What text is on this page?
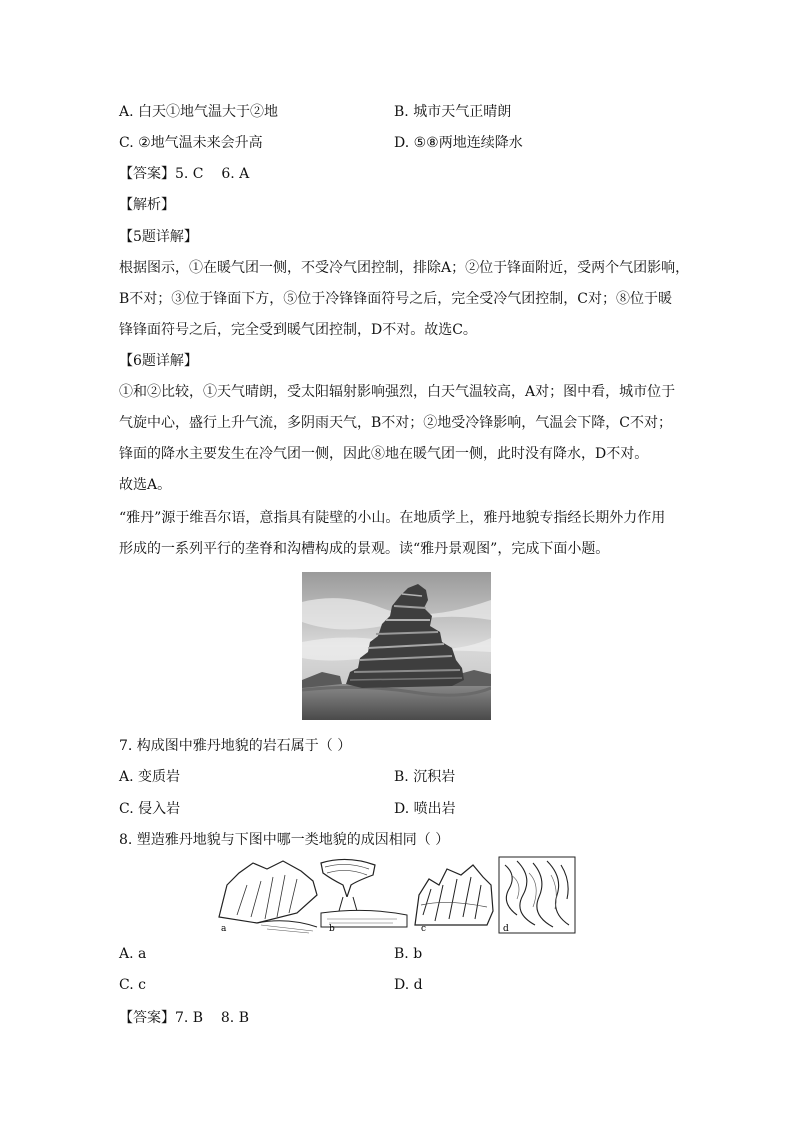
A. 白天①地气温大于②地	B. 城市天气正晴朗
C. ②地气温未来会升高	D. ⑤⑧两地连续降水
【答案】5. C    6. A
【解析】
【5题详解】
根据图示，①在暖气团一侧，不受冷气团控制，排除A；②位于锋面附近，受两个气团影响，
B不对；③位于锋面下方，⑤位于冷锋锋面符号之后，完全受冷气团控制，C对；⑧位于暖
锋锋面符号之后，完全受到暖气团控制，D不对。故选C。
【6题详解】
①和②比较，①天气晴朗，受太阳辐射影响强烈，白天气温较高，A对；图中看，城市位于
气旋中心，盛行上升气流，多阴雨天气，B不对；②地受冷锋影响，气温会下降，C不对；
锋面的降水主要发生在冷气团一侧，因此⑧地在暖气团一侧，此时没有降水，D不对。
故选A。
“雅丹”源于维吾尔语，意指具有陡壁的小山。在地质学上，雅丹地貌专指经长期外力作用
形成的一系列平行的垄脊和沟槽构成的景观。读“雅丹景观图”，完成下面小题。
7. 构成图中雅丹地貌的岩石属于（ ）
A. 变质岩	B. 沉积岩
C. 侵入岩	D. 喷出岩
8. 塑造雅丹地貌与下图中哪一类地貌的成因相同（ ）
a	b	c	d
A. a	B. b
C. c	D. d
【答案】7. B    8. B
